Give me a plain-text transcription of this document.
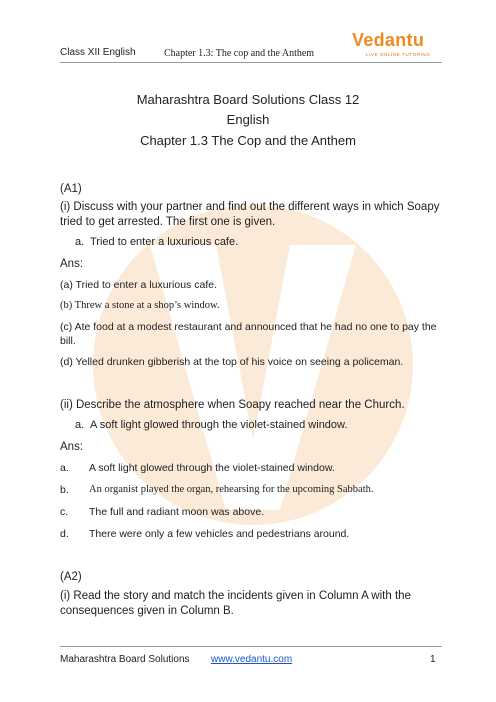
Class XII English	Chapter 1.3: The cop and the Anthem
Vedantu
LIVE ONLINE TUTORING
Maharashtra Board Solutions Class 12
English
Chapter 1.3 The Cop and the Anthem
(A1)
(i) Discuss with your partner and find out the different ways in which Soapy tried to get arrested. The first one is given.
a. Tried to enter a luxurious cafe.
Ans:
(a) Tried to enter a luxurious cafe.
(b) Threw a stone at a shop’s window.
(c) Ate food at a modest restaurant and announced that he had no one to pay the bill.
(d) Yelled drunken gibberish at the top of his voice on seeing a policeman.
(ii) Describe the atmosphere when Soapy reached near the Church.
a. A soft light glowed through the violet-stained window.
Ans:
a. A soft light glowed through the violet-stained window.
b. An organist played the organ, rehearsing for the upcoming Sabbath.
c. The full and radiant moon was above.
d. There were only a few vehicles and pedestrians around.
(A2)
(i) Read the story and match the incidents given in Column A with the consequences given in Column B.
Maharashtra Board Solutions www.vedantu.com	1
